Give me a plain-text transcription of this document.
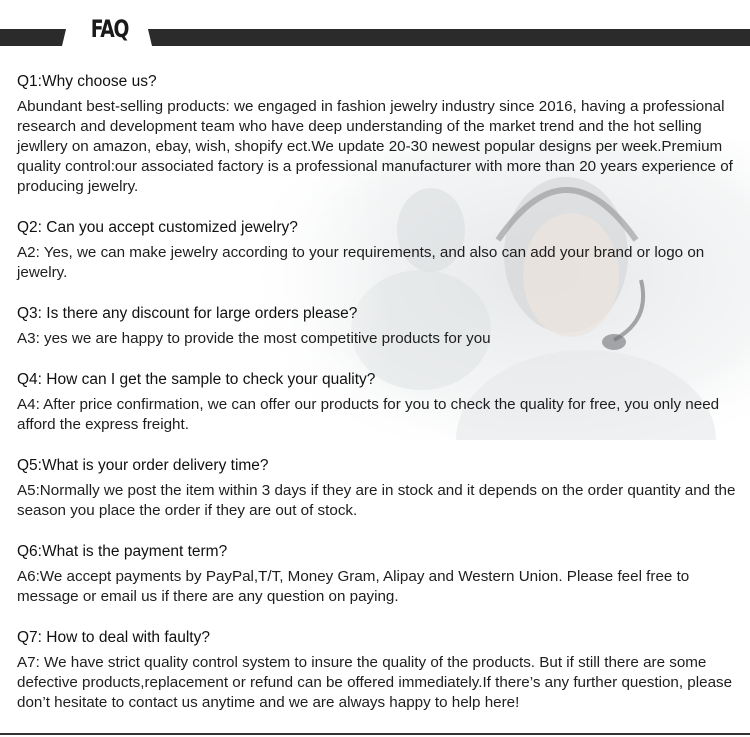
FAQ

Q1:Why choose us?

Abundant best-selling products: we engaged in fashion jewelry industry since 2016, having a professional research and development team who have deep understanding of the market trend and the hot selling jewllery on amazon, ebay, wish, shopify ect.We update 20-30 newest popular designs per week.Premium quality control:our associated factory is a professional manufacturer with more than 20 years experience of producing jewelry.

Q2: Can you accept customized jewelry?

A2: Yes, we can make jewelry according to your requirements, and also can add your brand or logo on jewelry.

Q3: Is there any discount for large orders please?

A3: yes we are happy to provide the most competitive products for you

Q4: How can I get the sample to check your quality?

A4: After price confirmation, we can offer our products for you to check the quality for free, you only need afford the express freight.

Q5:What is your order delivery time?

A5:Normally we post the item within 3 days if they are in stock and it depends on the order quantity and the season you place the order if they are out of stock.

Q6:What is the payment term?

A6:We accept payments by PayPal,T/T, Money Gram, Alipay and Western Union. Please feel free to message or email us if there are any question on paying.

Q7: How to deal with faulty?

A7: We have strict quality control system to insure the quality of the products. But if still there are some defective products,replacement or refund can be offered immediately.If there’s any further question, please don’t hesitate to contact us anytime and we are always happy to help here!
